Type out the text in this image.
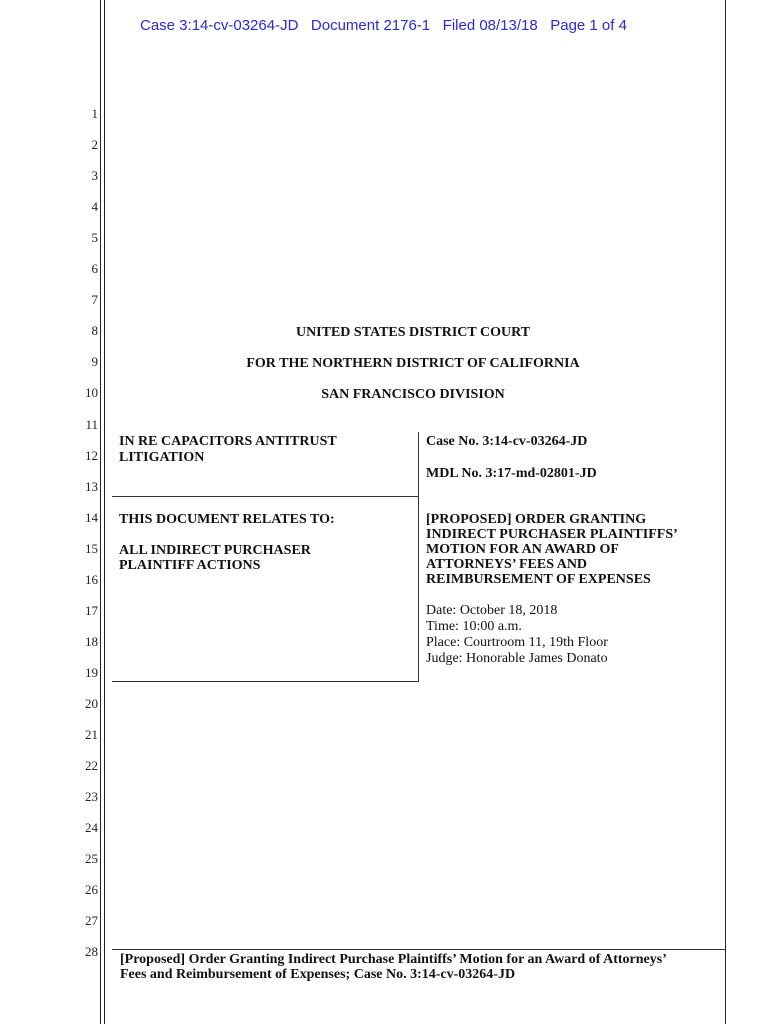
Case 3:14-cv-03264-JD   Document 2176-1   Filed 08/13/18   Page 1 of 4
1
2
3
4
5
6
7
8
9
10
11
12
13
14
15
16
17
18
19
20
21
22
23
24
25
26
27
28
UNITED STATES DISTRICT COURT
FOR THE NORTHERN DISTRICT OF CALIFORNIA
SAN FRANCISCO DIVISION
IN RE CAPACITORS ANTITRUST
LITIGATION
THIS DOCUMENT RELATES TO:
ALL INDIRECT PURCHASER
PLAINTIFF ACTIONS
Case No. 3:14-cv-03264-JD
MDL No. 3:17-md-02801-JD
[PROPOSED] ORDER GRANTING
INDIRECT PURCHASER PLAINTIFFS’
MOTION FOR AN AWARD OF
ATTORNEYS’ FEES AND
REIMBURSEMENT OF EXPENSES
Date: October 18, 2018
Time: 10:00 a.m.
Place: Courtroom 11, 19th Floor
Judge: Honorable James Donato
[Proposed] Order Granting Indirect Purchase Plaintiffs’ Motion for an Award of Attorneys’
Fees and Reimbursement of Expenses; Case No. 3:14-cv-03264-JD
